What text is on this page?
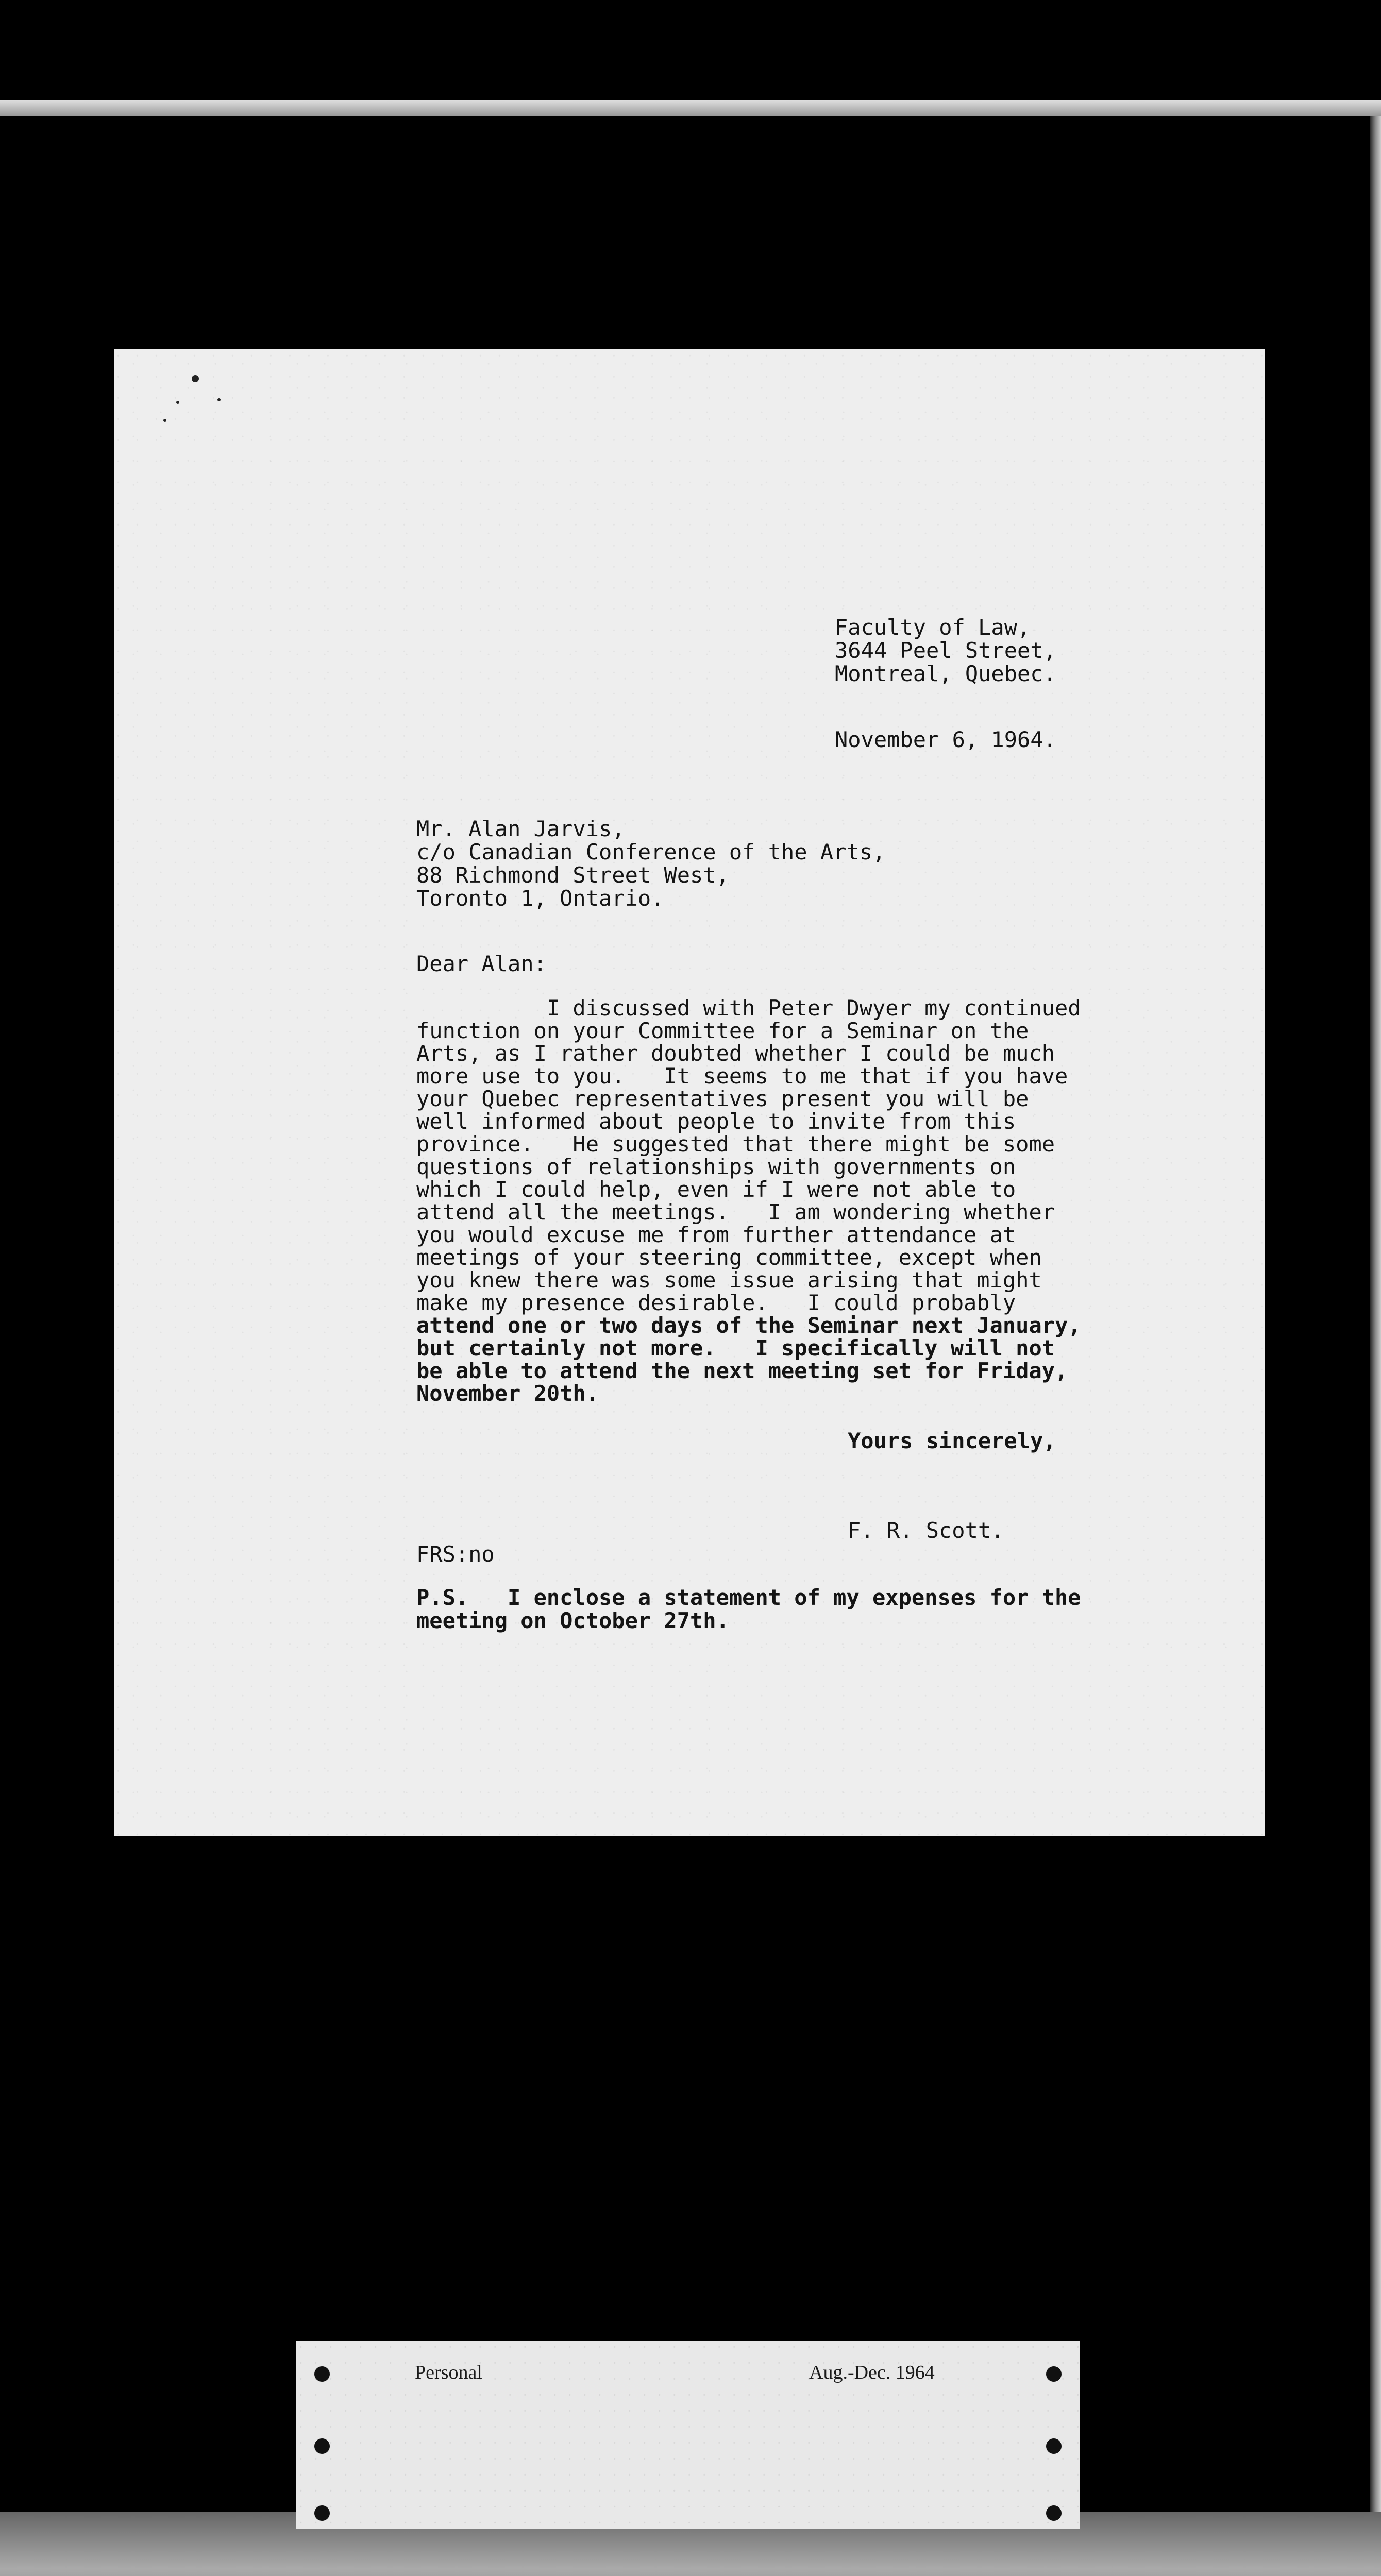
Faculty of Law,
3644 Peel Street,
Montreal, Quebec.
November 6, 1964.
Mr. Alan Jarvis,
c/o Canadian Conference of the Arts,
88 Richmond Street West,
Toronto 1, Ontario.
Dear Alan:
I discussed with Peter Dwyer my continued
function on your Committee for a Seminar on the
Arts, as I rather doubted whether I could be much
more use to you.   It seems to me that if you have
your Quebec representatives present you will be
well informed about people to invite from this
province.   He suggested that there might be some
questions of relationships with governments on
which I could help, even if I were not able to
attend all the meetings.   I am wondering whether
you would excuse me from further attendance at
meetings of your steering committee, except when
you knew there was some issue arising that might
make my presence desirable.   I could probably
attend one or two days of the Seminar next January,
but certainly not more.   I specifically will not
be able to attend the next meeting set for Friday,
November 20th.
Yours sincerely,
F. R. Scott.
FRS:no
P.S.   I enclose a statement of my expenses for the
meeting on October 27th.
Personal	Aug.-Dec. 1964
